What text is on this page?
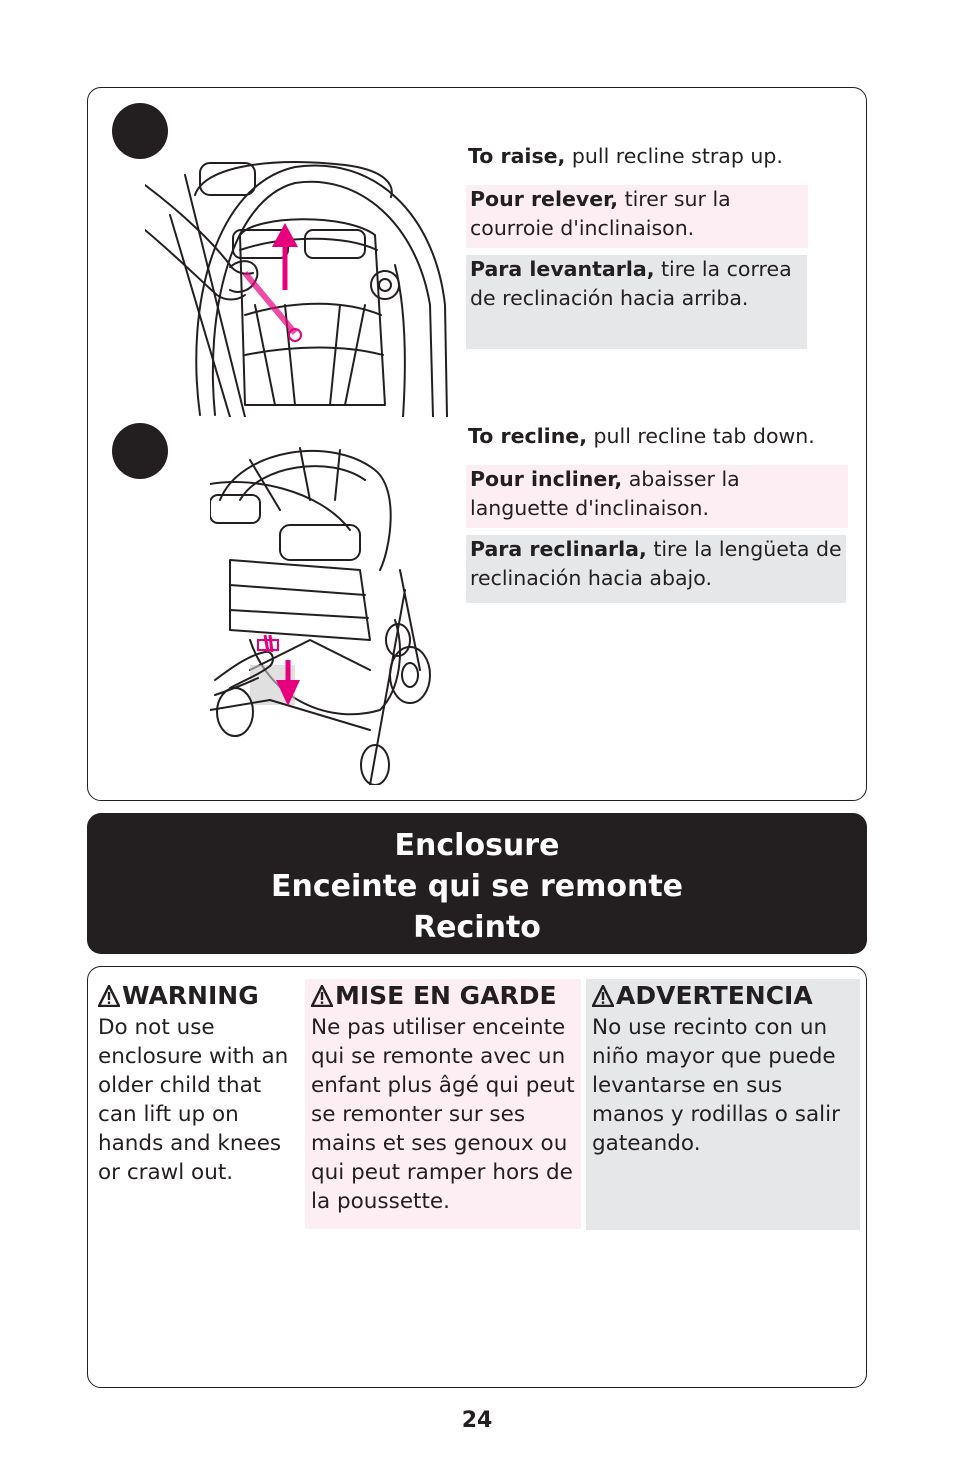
To raise, pull recline strap up.
Pour relever, tirer sur la courroie d'inclinaison.
Para levantarla, tire la correa de reclinación hacia arriba.
To recline, pull recline tab down.
Pour incliner, abaisser la languette d'inclinaison.
Para reclinarla, tire la lengüeta de reclinación hacia abajo.
Enclosure
Enceinte qui se remonte
Recinto
WARNING
Do not use enclosure with an older child that can lift up on hands and knees or crawl out.
MISE EN GARDE
Ne pas utiliser enceinte qui se remonte avec un enfant plus âgé qui peut se remonter sur ses mains et ses genoux ou qui peut ramper hors de la poussette.
ADVERTENCIA
No use recinto con un niño mayor que puede levantarse en sus manos y rodillas o salir gateando.
24
